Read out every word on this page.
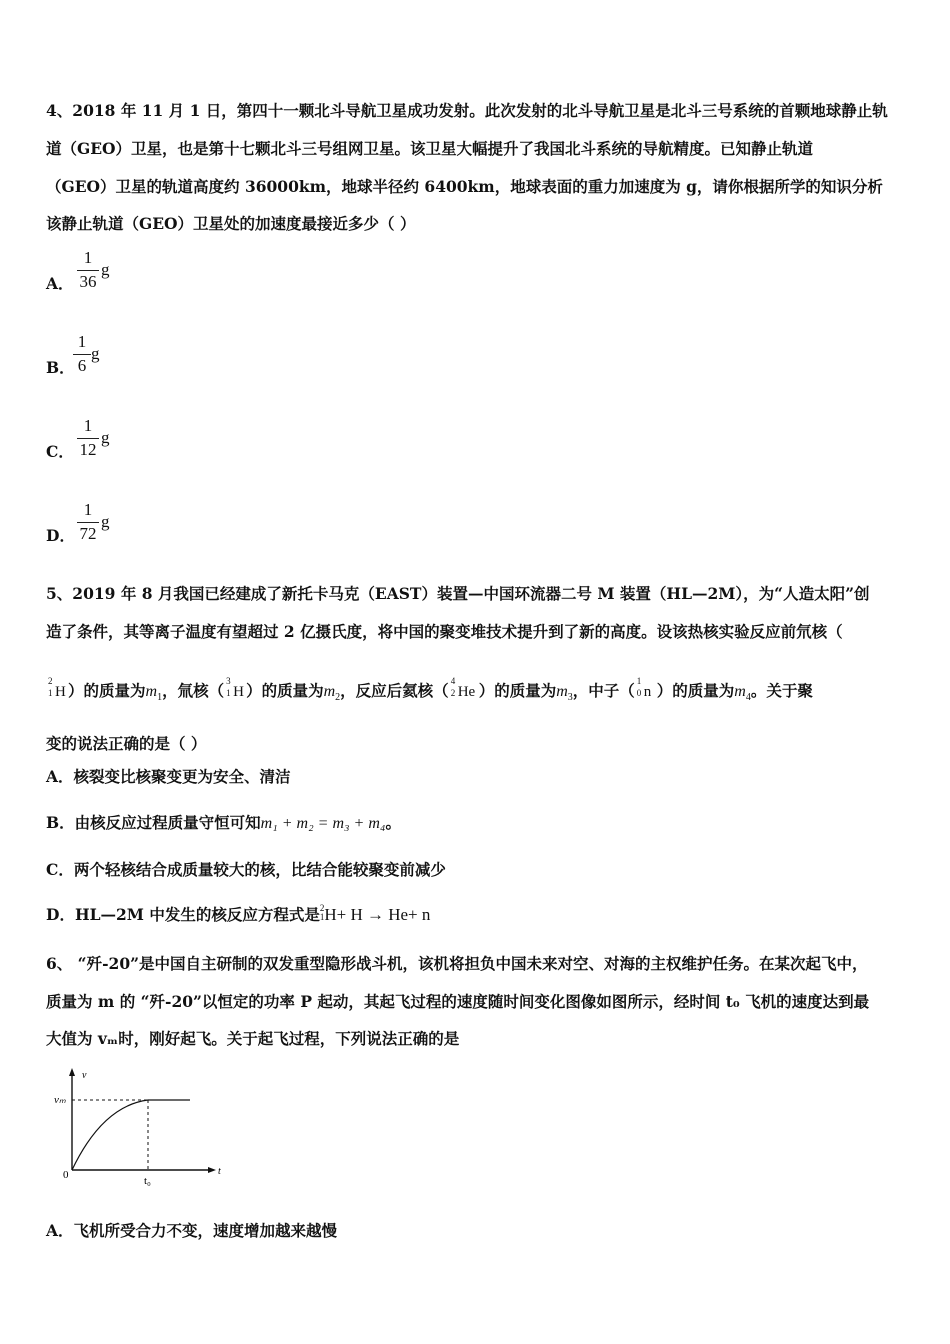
4、2018 年 11 月 1 日，第四十一颗北斗导航卫星成功发射。此次发射的北斗导航卫星是北斗三号系统的首颗地球静止轨
道（GEO）卫星，也是第十七颗北斗三号组网卫星。该卫星大幅提升了我国北斗系统的导航精度。已知静止轨道
（GEO）卫星的轨道高度约 36000km，地球半径约 6400km，地球表面的重力加速度为 g，请你根据所学的知识分析
该静止轨道（GEO）卫星处的加速度最接近多少（ ）
A．
1
36
g
B．
1
6
g
C．
1
12
g
D．
1
72
g
5、2019 年 8 月我国已经建成了新托卡马克（EAST）装置—中国环流器二号 M 装置（HL—2M），为“人造太阳”创
造了条件，其等离子温度有望超过 2 亿摄氏度，将中国的聚变堆技术提升到了新的高度。设该热核实验反应前氘核（
2
1 H ）的质量为$m_1$，氚核（ 3
1 H ）的质量为$m_2$，反应后氦核（ 4
2 He ）的质量为$m_3$，中子（ 1
0 n ）的质量为$m_4$。关于聚
变的说法正确的是（ ）
A．核裂变比核聚变更为安全、清洁
B．由核反应过程质量守恒可知m₁ + m₂ = m₃ + m₄。
C．两个轻核结合成质量较大的核，比结合能较聚变前减少
D．HL—2M 中发生的核反应方程式是2
1H+ H → He+ n
6、 “歼-20”是中国自主研制的双发重型隐形战斗机，该机将担负中国未来对空、对海的主权维护任务。在某次起飞中，
质量为 m 的 “歼-20”以恒定的功率 P 起动，其起飞过程的速度随时间变化图像如图所示，经时间 t₀ 飞机的速度达到最
大值为 vₘ时，刚好起飞。关于起飞过程，下列说法正确的是
v
t
vₘ
t₀
0
A．飞机所受合力不变，速度增加越来越慢
